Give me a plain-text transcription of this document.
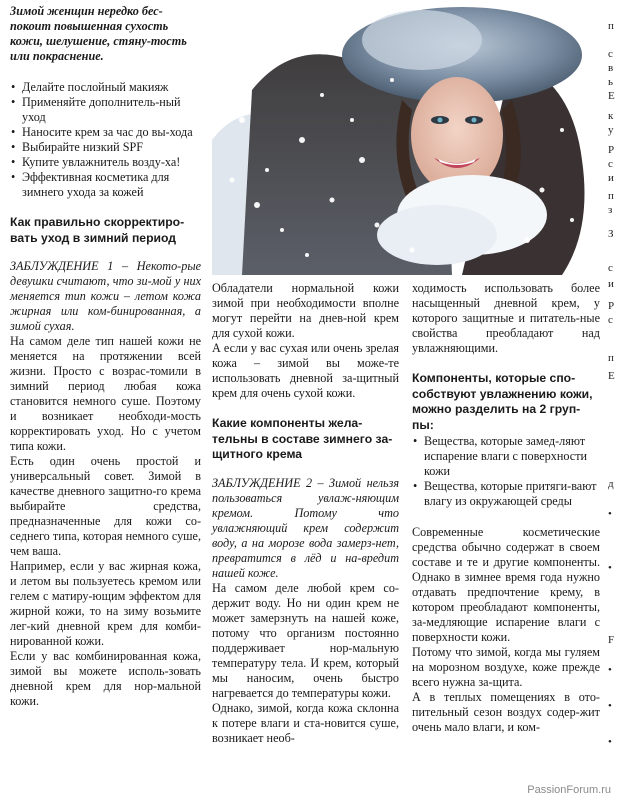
Зимой женщин нередко бес-покоит повышенная сухость кожи, шелушение, стяну-тость или покраснение.

• Делайте послойный макияж
• Применяйте дополнитель-ный уход
• Наносите крем за час до вы-хода
• Выбирайте низкий SPF
• Купите увлажнитель возду-ха!
• Эффективная косметика для зимнего ухода за кожей

Как правильно скорректиро-вать уход в зимний период

ЗАБЛУЖДЕНИЕ 1 – Некото-рые девушки считают, что зи-мой у них меняется тип кожи – летом кожа жирная или ком-бинированная, а зимой сухая.

На самом деле тип нашей кожи не меняется на протяжении всей жизни. Просто с возрас-томили в зимний период любая кожа становится немного суше. Поэтому и возникает необходи-мость корректировать уход. Но с учетом типа кожи.

Есть один очень простой и универсальный совет. Зимой в качестве дневного защитно-го крема выбирайте средства, предназначенные для кожи со-седнего типа, которая немного суше, чем ваша.

Например, если у вас жирная кожа, и летом вы пользуетесь кремом или гелем с матиру-ющим эффектом для жирной кожи, то на зиму возьмите лег-кий дневной крем для комби-нированной кожи.

Если у вас комбинированная кожа, зимой вы можете исполь-зовать дневной крем для нор-мальной кожи.

Обладатели нормальной кожи зимой при необходимости вполне могут перейти на днев-ной крем для сухой кожи.

А если у вас сухая или очень зрелая кожа – зимой вы може-те использовать дневной за-щитный крем для очень сухой кожи.

Какие компоненты жела-тельны в составе зимнего за-щитного крема

ЗАБЛУЖДЕНИЕ 2 – Зимой нельзя пользоваться увлаж-няющим кремом. Потому что увлажняющий крем содержит воду, а на морозе вода замерз-нет, превратится в лёд и на-вредит нашей коже.

На самом деле любой крем со-держит воду. Но ни один крем не может замерзнуть на нашей коже, потому что организм постоянно поддерживает нор-мальную температуру тела. И крем, который мы наносим, очень быстро нагревается до температуры кожи.

Однако, зимой, когда кожа склонна к потере влаги и ста-новится суше, возникает необ-

ходимость использовать более насыщенный дневной крем, у которого защитные и питатель-ные свойства преобладают над увлажняющими.

Компоненты, которые спо-собствуют увлажнению кожи, можно разделить на 2 груп-пы:

• Вещества, которые замед-ляют испарение влаги с поверхности кожи
• Вещества, которые притяги-вают влагу из окружающей среды

Современные косметические средства обычно содержат в своем составе и те и другие компоненты. Однако в зимнее время года нужно отдавать предпочтение крему, в котором преобладают компоненты, за-медляющие испарение влаги с поверхности кожи.

Потому что зимой, когда мы гуляем на морозном воздухе, коже прежде всего нужна за-щита.

А в теплых помещениях в ото-пительный сезон воздух содер-жит очень мало влаги, и ком-

п
с
в
ь
E
к
у
P
с
и
п
з
З
с
и
P
с
п
E
д
•
•
F
•
•
•
PassionForum.ru
